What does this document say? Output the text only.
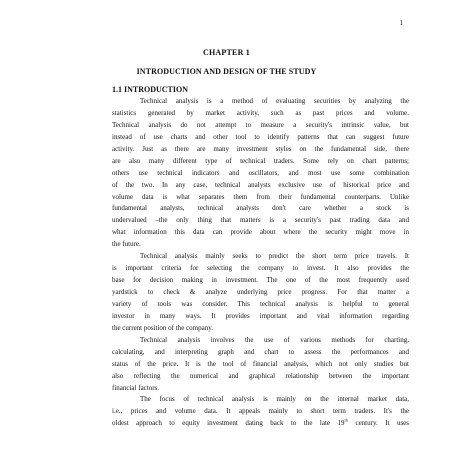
1
CHAPTER 1
INTRODUCTION AND DESIGN OF THE STUDY
1.1 INTRODUCTION
Technical analysis is a method of evaluating securities by analyzing the
statistics generated by market activity, such as past prices and volume.
Technical analysis do not attempt to measure a security's intrinsic value, but
instead of use charts and other tool to identify patterns that can suggest future
activity. Just as there are many investment styles on the fundamental side, there
are also many different type of technical traders. Some rely on chart patterns;
others use technical indicators and oscillators, and most use some combination
of the two. In any case, technical analysts exclusive use of historical price and
volume data is what separates them from their fundamental counterparts. Unlike
fundamental analysts, technical analysts don't care whether a stock is
undervalued –the only thing that matters is a security's past trading data and
what information this data can provide about where the security might move in
the future.
Technical analysis mainly seeks to predict the short term price travels. It
is important criteria for selecting the company to invest. It also provides the
base for decision making in investment. The one of the most frequently used
yardstick to check & analyze underlying price progress. For that matter a
variety of tools was consider. This technical analysis is helpful to general
investor in many ways. It provides important and vital information regarding
the current position of the company.
Technical analysis involves the use of various methods for charting,
calculating, and interpreting graph and chart to assess the performances and
status of the price. It is the tool of financial analysis, which not only studies but
also reflecting the numerical and graphical relationship between the important
financial factors.
The focus of technical analysis is mainly on the internal market data,
i.e., prices and volume data. It appeals mainly to short term traders. It's the
oldest approach to equity investment dating back to the late 19th century. It uses
